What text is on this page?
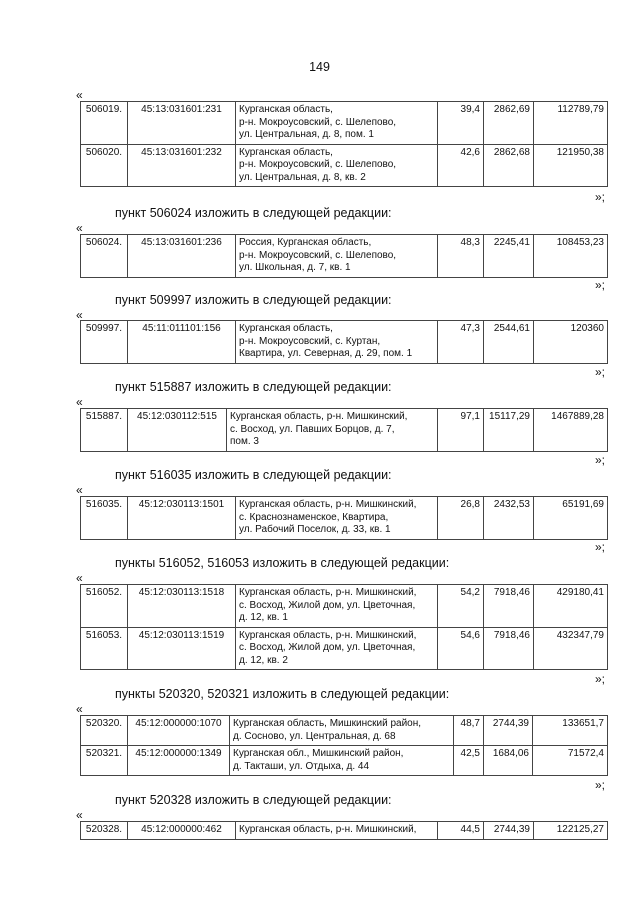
149
«
506019.	45:13:031601:231	Курганская область,
р-н. Мокроусовский, с. Шелепово,
ул. Центральная, д. 8, пом. 1	39,4	2862,69	112789,79
506020.	45:13:031601:232	Курганская область,
р-н. Мокроусовский, с. Шелепово,
ул. Центральная, д. 8, кв. 2	42,6	2862,68	121950,38
»;
пункт 506024 изложить в следующей редакции:
«
506024.	45:13:031601:236	Россия, Курганская область,
р-н. Мокроусовский, с. Шелепово,
ул. Школьная, д. 7, кв. 1
	48,3	2245,41	108453,23
»;
пункт 509997 изложить в следующей редакции:
«
509997.	45:11:011101:156	Курганская область,
р-н. Мокроусовский, с. Куртан,
Квартира, ул. Северная, д. 29, пом. 1
	47,3	2544,61	120360
»;
пункт 515887 изложить в следующей редакции:
«
515887.	45:12:030112:515	Курганская область, р-н. Мишкинский,
с. Восход, ул. Павших Борцов, д. 7,
пом. 3
	97,1	15117,29	1467889,28
»;
пункт 516035 изложить в следующей редакции:
«
516035.	45:12:030113:1501	Курганская область, р-н. Мишкинский,
с. Краснознаменское, Квартира,
ул. Рабочий Поселок, д. 33, кв. 1
	26,8	2432,53	65191,69
»;
пункты 516052, 516053 изложить в следующей редакции:
«
516052.	45:12:030113:1518	Курганская область, р-н. Мишкинский,
с. Восход, Жилой дом, ул. Цветочная,
д. 12, кв. 1	54,2	7918,46	429180,41
516053.	45:12:030113:1519	Курганская область, р-н. Мишкинский,
с. Восход, Жилой дом, ул. Цветочная,
д. 12, кв. 2	54,6	7918,46	432347,79
»;
пункты 520320, 520321 изложить в следующей редакции:
«
520320.	45:12:000000:1070	Курганская область, Мишкинский район,
д. Сосново, ул. Центральная, д. 68	48,7	2744,39	133651,7
520321.	45:12:000000:1349	Курганская обл., Мишкинский район,
д. Такташи, ул. Отдыха, д. 44	42,5	1684,06	71572,4
»;
пункт 520328 изложить в следующей редакции:
«
520328.	45:12:000000:462	Курганская область, р-н. Мишкинский,	44,5	2744,39	122125,27
